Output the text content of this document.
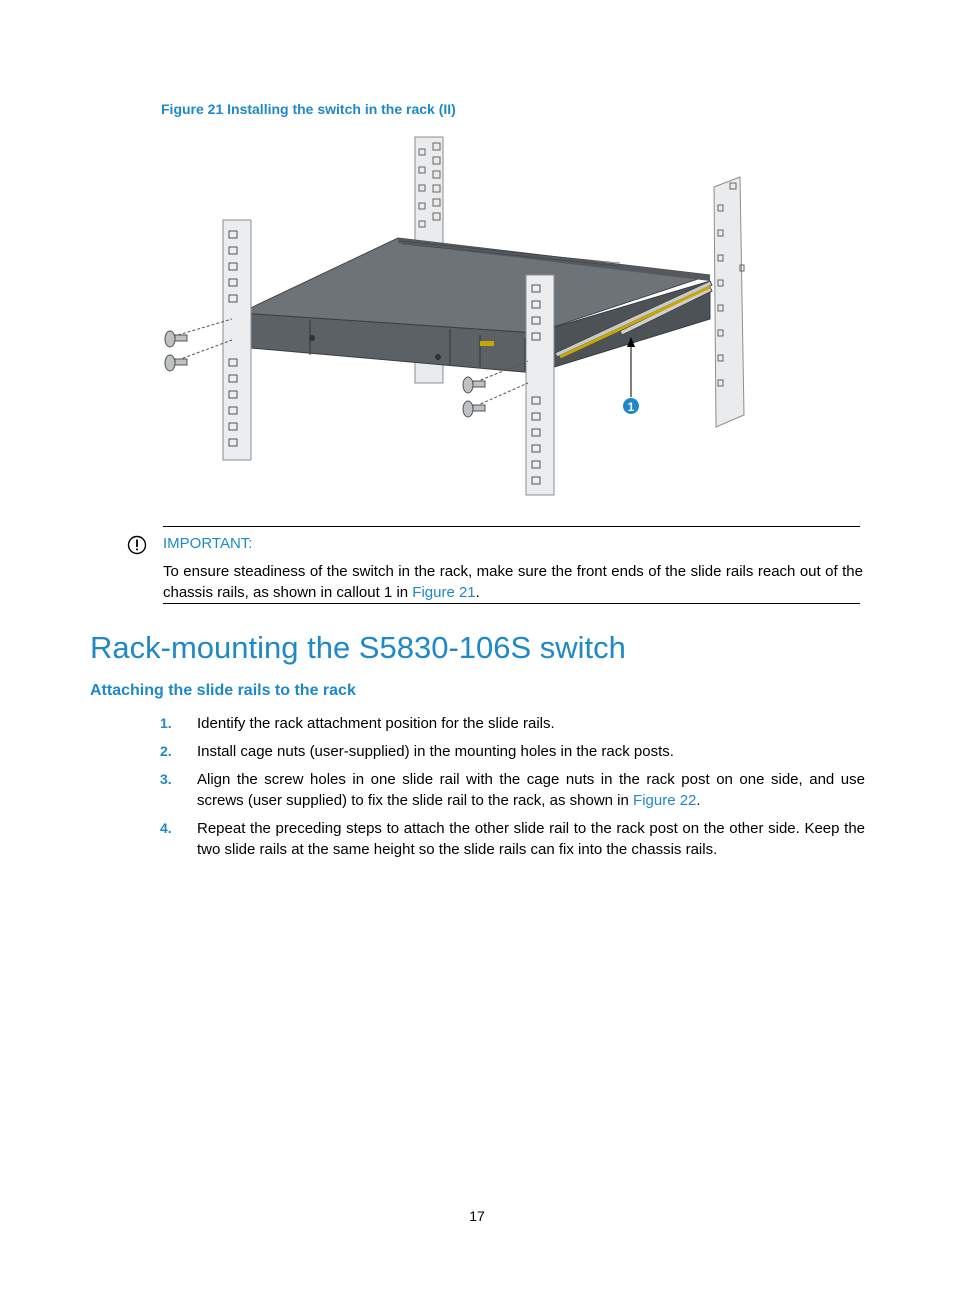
Figure 21 Installing the switch in the rack (II)
1
IMPORTANT:
To ensure steadiness of the switch in the rack, make sure the front ends of the slide rails reach out of the chassis rails, as shown in callout 1 in Figure 21.
Rack-mounting the S5830-106S switch
Attaching the slide rails to the rack
1. Identify the rack attachment position for the slide rails.
2. Install cage nuts (user-supplied) in the mounting holes in the rack posts.
3. Align the screw holes in one slide rail with the cage nuts in the rack post on one side, and use screws (user supplied) to fix the slide rail to the rack, as shown in Figure 22.
4. Repeat the preceding steps to attach the other slide rail to the rack post on the other side. Keep the two slide rails at the same height so the slide rails can fix into the chassis rails.
17
